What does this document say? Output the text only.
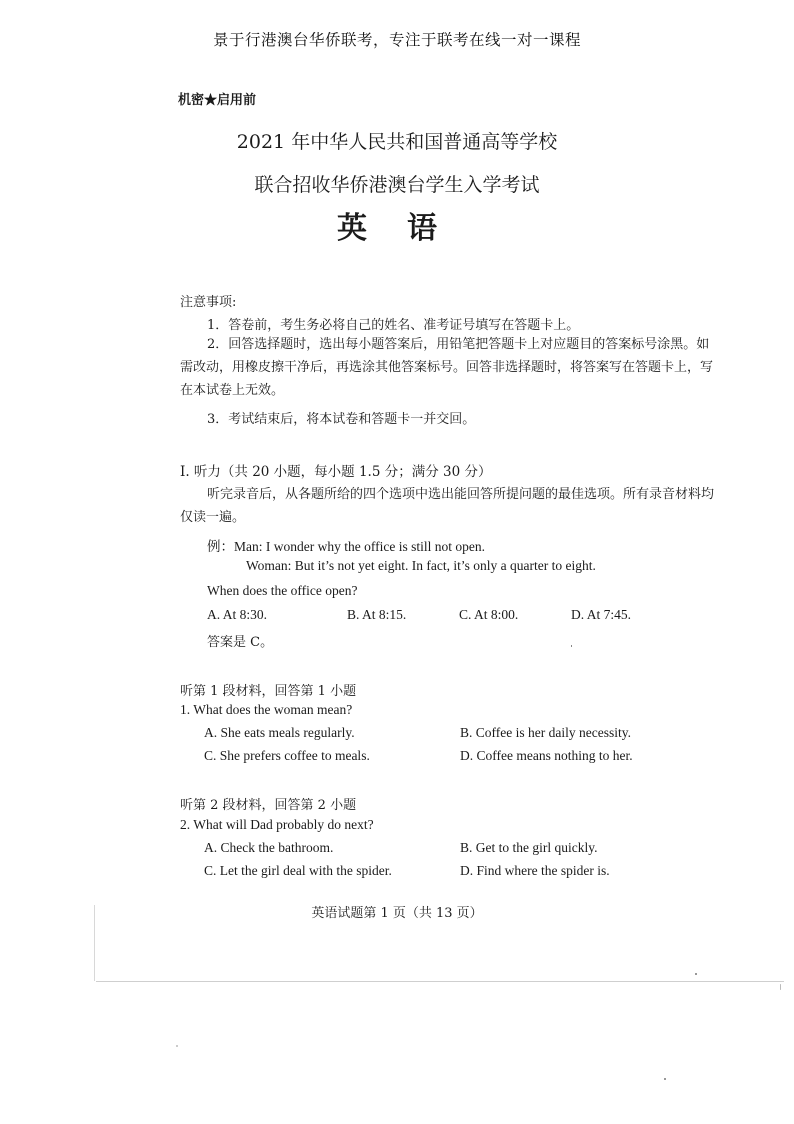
景于行港澳台华侨联考，专注于联考在线一对一课程
机密★启用前
2021 年中华人民共和国普通高等学校
联合招收华侨港澳台学生入学考试
英语
注意事项:
1．答卷前，考生务必将自己的姓名、准考证号填写在答题卡上。
2．回答选择题时，选出每小题答案后，用铅笔把答题卡上对应题目的答案标号涂黑。如需改动，用橡皮擦干净后，再选涂其他答案标号。回答非选择题时，将答案写在答题卡上，写在本试卷上无效。
3．考试结束后，将本试卷和答题卡一并交回。
I. 听力（共 20 小题，每小题 1.5 分；满分 30 分）
听完录音后，从各题所给的四个选项中选出能回答所提问题的最佳选项。所有录音材料均仅读一遍。
例：Man: I wonder why the office is still not open.
Woman: But it’s not yet eight. In fact, it’s only a quarter to eight.
When does the office open?
A. At 8:30.	B. At 8:15.	C. At 8:00.	D. At 7:45.
答案是 C。
听第 1 段材料，回答第 1 小题
1. What does the woman mean?
A. She eats meals regularly.	B. Coffee is her daily necessity.
C. She prefers coffee to meals.	D. Coffee means nothing to her.
听第 2 段材料，回答第 2 小题
2. What will Dad probably do next?
A. Check the bathroom.	B. Get to the girl quickly.
C. Let the girl deal with the spider.	D. Find where the spider is.
英语试题第 1 页（共 13 页）
